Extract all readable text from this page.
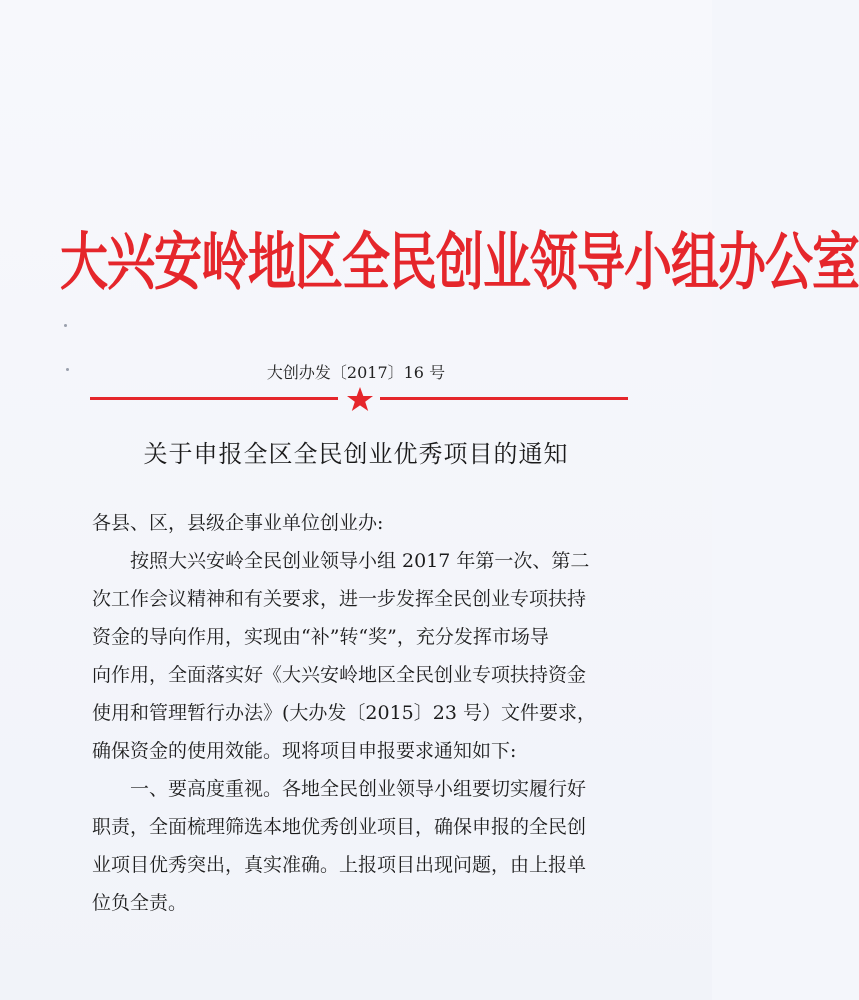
大兴安岭地区全民创业领导小组办公室
大创办发〔2017〕16 号
关于申报全区全民创业优秀项目的通知
各县、区，县级企事业单位创业办:
按照大兴安岭全民创业领导小组 2017 年第一次、第二
次工作会议精神和有关要求，进一步发挥全民创业专项扶持
资金的导向作用，实现由“补”转“奖”，充分发挥市场导
向作用，全面落实好《大兴安岭地区全民创业专项扶持资金
使用和管理暂行办法》(大办发〔2015〕23 号）文件要求，
确保资金的使用效能。现将项目申报要求通知如下:
一、要高度重视。各地全民创业领导小组要切实履行好
职责，全面梳理筛选本地优秀创业项目，确保申报的全民创
业项目优秀突出，真实准确。上报项目出现问题，由上报单
位负全责。
